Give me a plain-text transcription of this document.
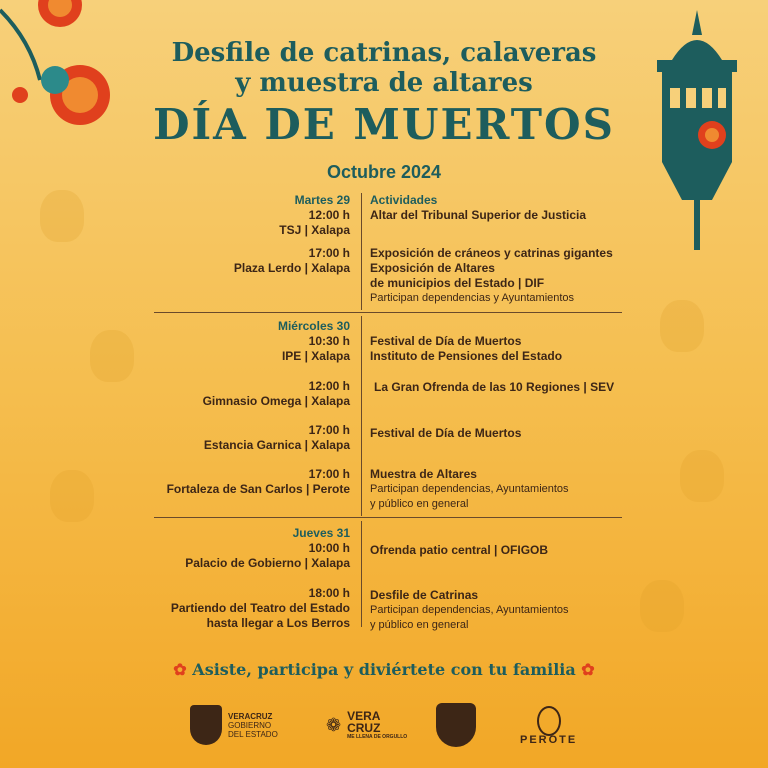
Desfile de catrinas, calaveras
y muestra de altares
DÍA DE MUERTOS
Octubre 2024
Martes 29
12:00 h
TSJ | Xalapa
Actividades
Altar del Tribunal Superior de Justicia
17:00 h
Plaza Lerdo | Xalapa
Exposición de cráneos y catrinas gigantes
Exposición de Altares
de municipios del Estado | DIF
Participan dependencias y Ayuntamientos
Miércoles 30
10:30 h
IPE | Xalapa
Festival de Día de Muertos
Instituto de Pensiones del Estado
12:00 h
Gimnasio Omega | Xalapa
La Gran Ofrenda de las 10 Regiones | SEV
17:00 h
Estancia Garnica | Xalapa
Festival de Día de Muertos
17:00 h
Fortaleza de San Carlos | Perote
Muestra de Altares
Participan dependencias, Ayuntamientos
y público en general
Jueves 31
10:00 h
Palacio de Gobierno | Xalapa
Ofrenda patio central | OFIGOB
18:00 h
Partiendo del Teatro del Estado
hasta llegar a Los Berros
Desfile de Catrinas
Participan dependencias, Ayuntamientos
y público en general
✿ Asiste, participa y diviértete con tu familia ✿
VERACRUZ
GOBIERNO
DEL ESTADO	❁ VERA
CRUZ
ME LLENA DE ORGULLO	PEROTE
